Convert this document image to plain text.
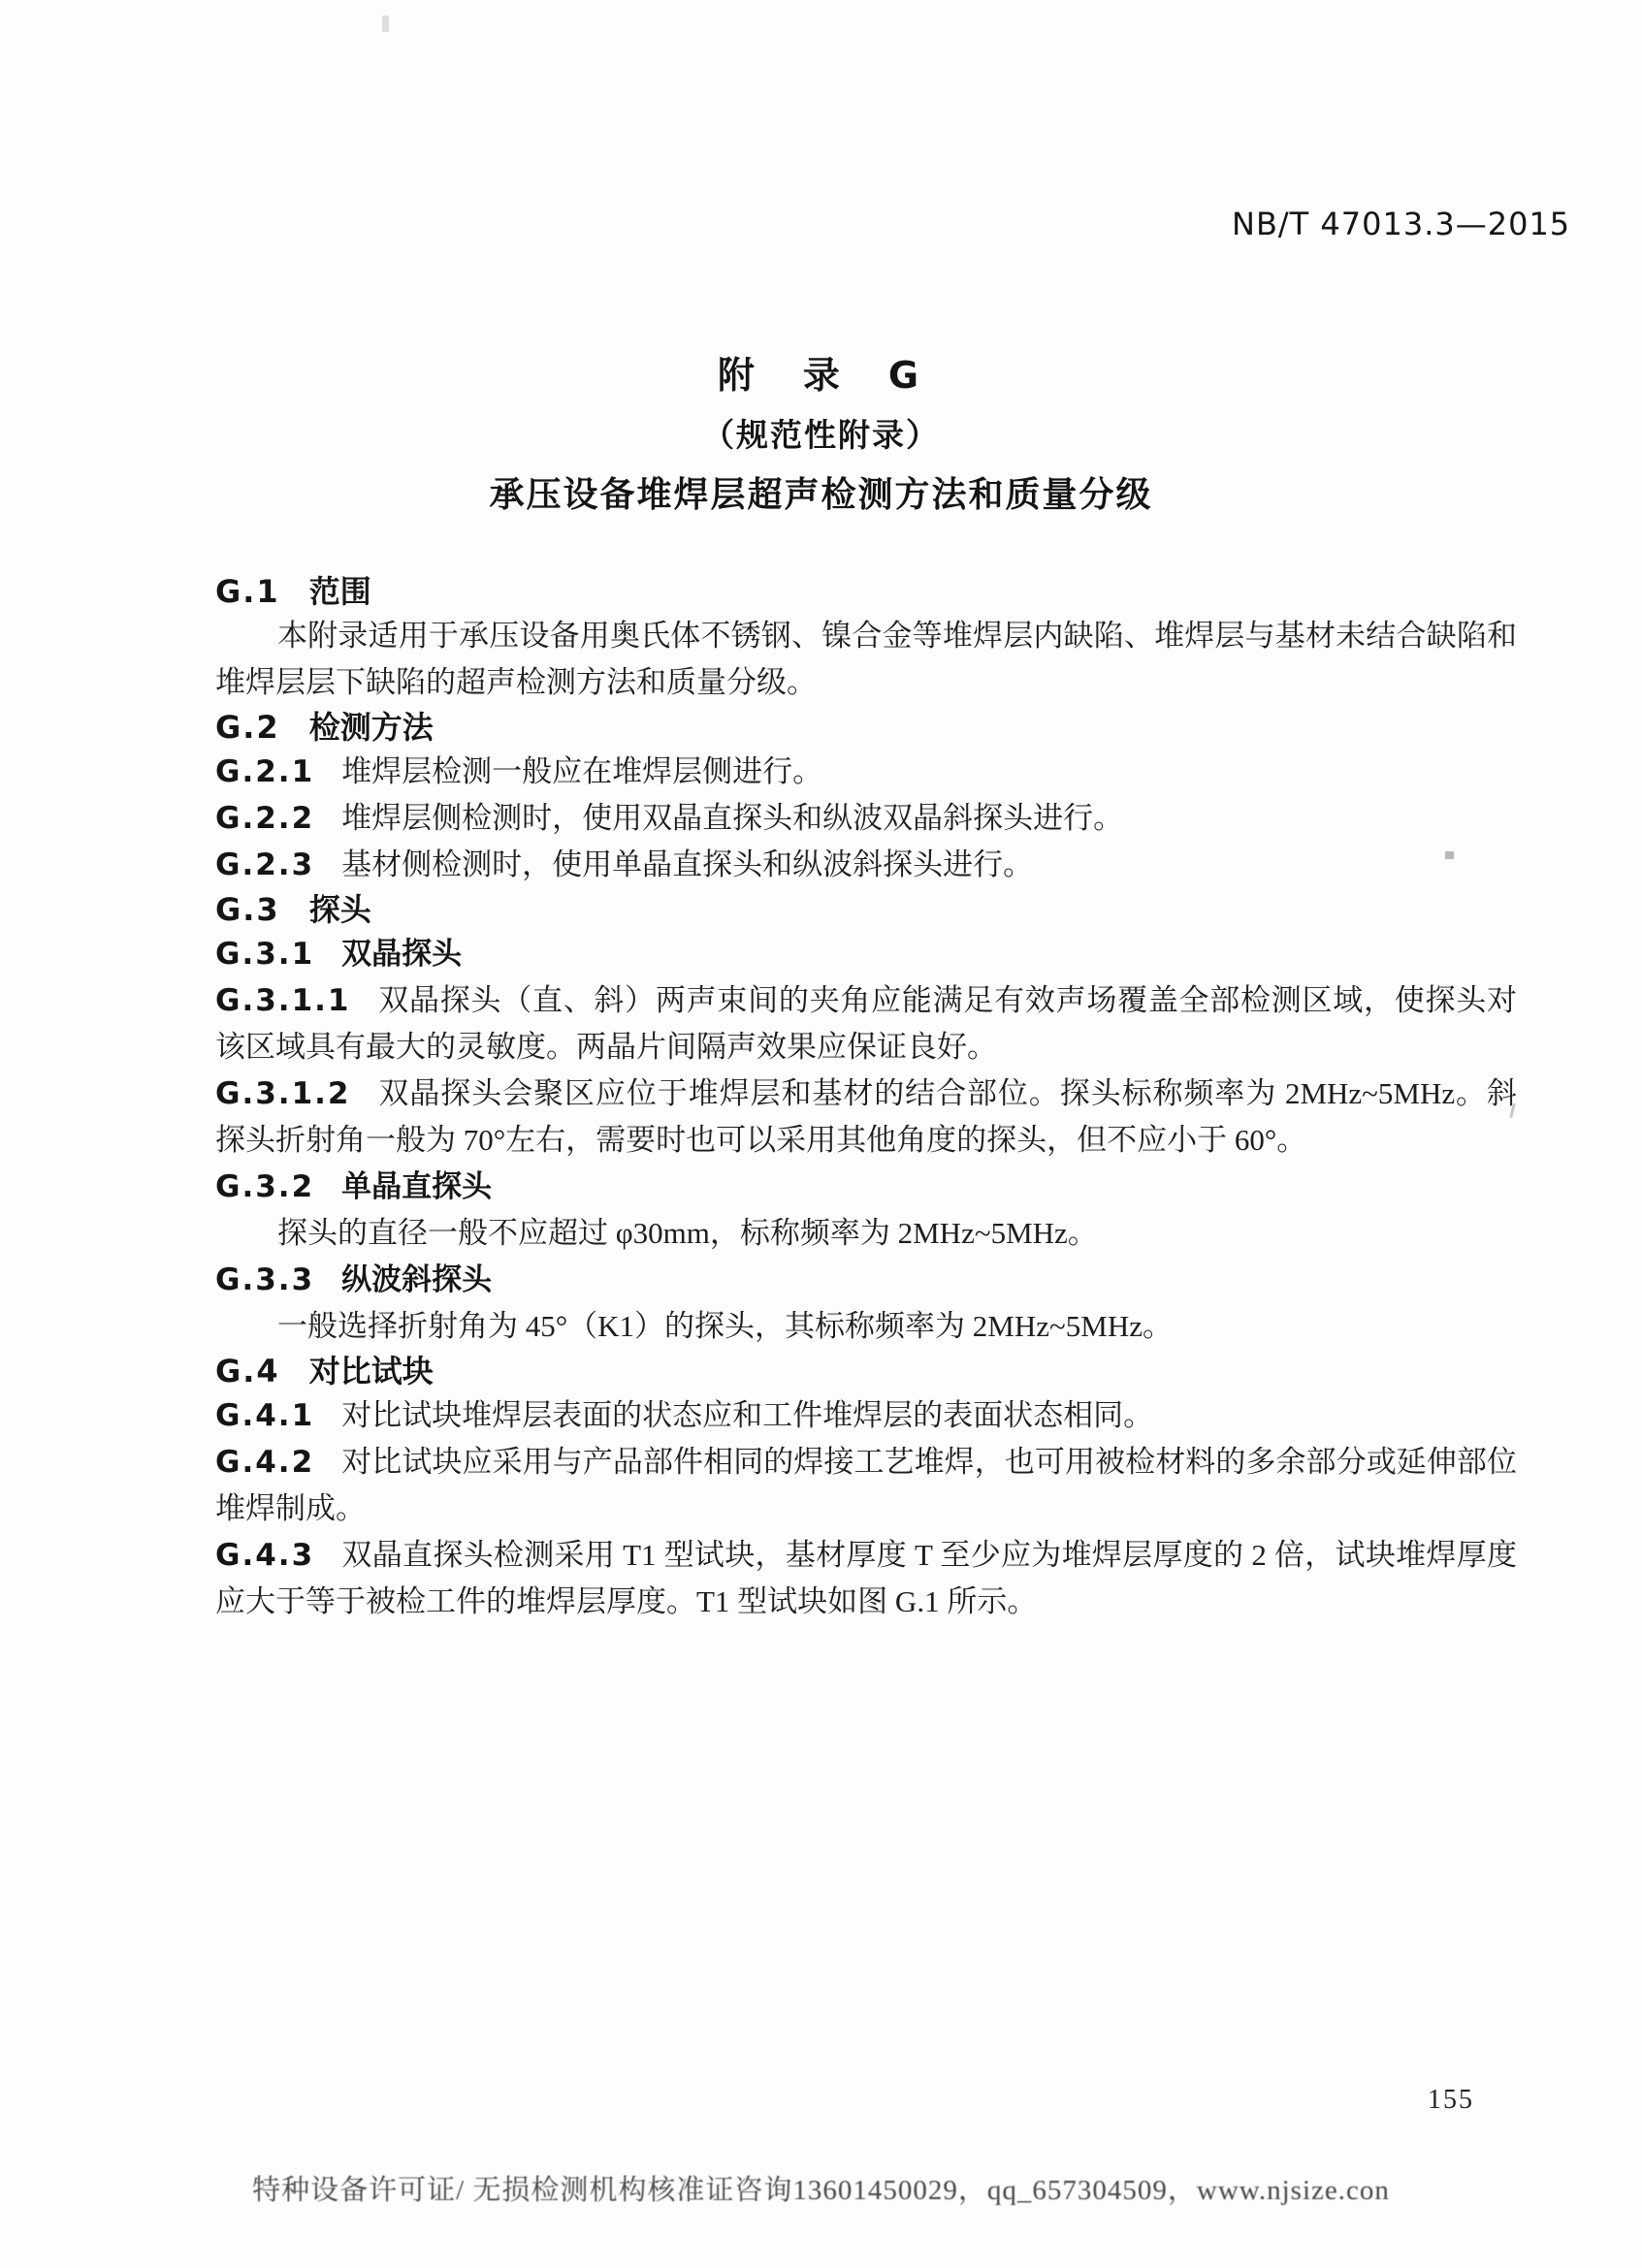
NB/T 47013.3—2015
附　录　G
（规范性附录）
承压设备堆焊层超声检测方法和质量分级
G.1 范围

本附录适用于承压设备用奥氏体不锈钢、镍合金等堆焊层内缺陷、堆焊层与基材未结合缺陷和堆焊层层下缺陷的超声检测方法和质量分级。

G.2 检测方法

G.2.1 堆焊层检测一般应在堆焊层侧进行。

G.2.2 堆焊层侧检测时，使用双晶直探头和纵波双晶斜探头进行。

G.2.3 基材侧检测时，使用单晶直探头和纵波斜探头进行。

G.3 探头
G.3.1 双晶探头

G.3.1.1 双晶探头（直、斜）两声束间的夹角应能满足有效声场覆盖全部检测区域，使探头对该区域具有最大的灵敏度。两晶片间隔声效果应保证良好。

G.3.1.2 双晶探头会聚区应位于堆焊层和基材的结合部位。探头标称频率为 2MHz~5MHz。斜探头折射角一般为 70°左右，需要时也可以采用其他角度的探头，但不应小于 60°。

G.3.2 单晶直探头

探头的直径一般不应超过 φ30mm，标称频率为 2MHz~5MHz。

G.3.3 纵波斜探头

一般选择折射角为 45°（K1）的探头，其标称频率为 2MHz~5MHz。

G.4 对比试块

G.4.1 对比试块堆焊层表面的状态应和工件堆焊层的表面状态相同。

G.4.2 对比试块应采用与产品部件相同的焊接工艺堆焊，也可用被检材料的多余部分或延伸部位堆焊制成。

G.4.3 双晶直探头检测采用 T1 型试块，基材厚度 T 至少应为堆焊层厚度的 2 倍，试块堆焊厚度应大于等于被检工件的堆焊层厚度。T1 型试块如图 G.1 所示。

155
特种设备许可证/ 无损检测机构核准证咨询13601450029，qq_657304509，www.njsize.con
